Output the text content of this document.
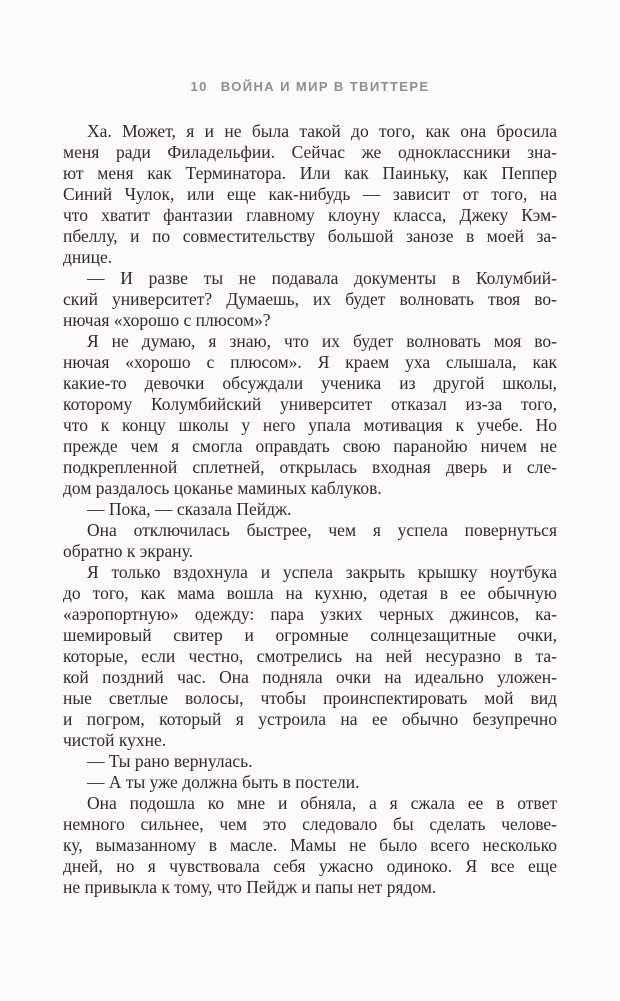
10 ВОЙНА И МИР В ТВИТТЕРЕ
Ха. Может, я и не была такой до того, как она бросила
меня ради Филадельфии. Сейчас же одноклассники зна-
ют меня как Терминатора. Или как Паиньку, как Пеппер
Синий Чулок, или еще как-нибудь — зависит от того, на
что хватит фантазии главному клоуну класса, Джеку Кэм-
пбеллу, и по совместительству большой занозе в моей за-
днице.
— И разве ты не подавала документы в Колумбий-
ский университет? Думаешь, их будет волновать твоя во-
нючая «хорошо с плюсом»?
Я не думаю, я знаю, что их будет волновать моя во-
нючая «хорошо с плюсом». Я краем уха слышала, как
какие-то девочки обсуждали ученика из другой школы,
которому Колумбийский университет отказал из-за того,
что к концу школы у него упала мотивация к учебе. Но
прежде чем я смогла оправдать свою паранойю ничем не
подкрепленной сплетней, открылась входная дверь и сле-
дом раздалось цоканье маминых каблуков.
— Пока, — сказала Пейдж.
Она отключилась быстрее, чем я успела повернуться
обратно к экрану.
Я только вздохнула и успела закрыть крышку ноутбука
до того, как мама вошла на кухню, одетая в ее обычную
«аэропортную» одежду: пара узких черных джинсов, ка-
шемировый свитер и огромные солнцезащитные очки,
которые, если честно, смотрелись на ней несуразно в та-
кой поздний час. Она подняла очки на идеально уложен-
ные светлые волосы, чтобы проинспектировать мой вид
и погром, который я устроила на ее обычно безупречно
чистой кухне.
— Ты рано вернулась.
— А ты уже должна быть в постели.
Она подошла ко мне и обняла, а я сжала ее в ответ
немного сильнее, чем это следовало бы сделать челове-
ку, вымазанному в масле. Мамы не было всего несколько
дней, но я чувствовала себя ужасно одиноко. Я все еще
не привыкла к тому, что Пейдж и папы нет рядом.
